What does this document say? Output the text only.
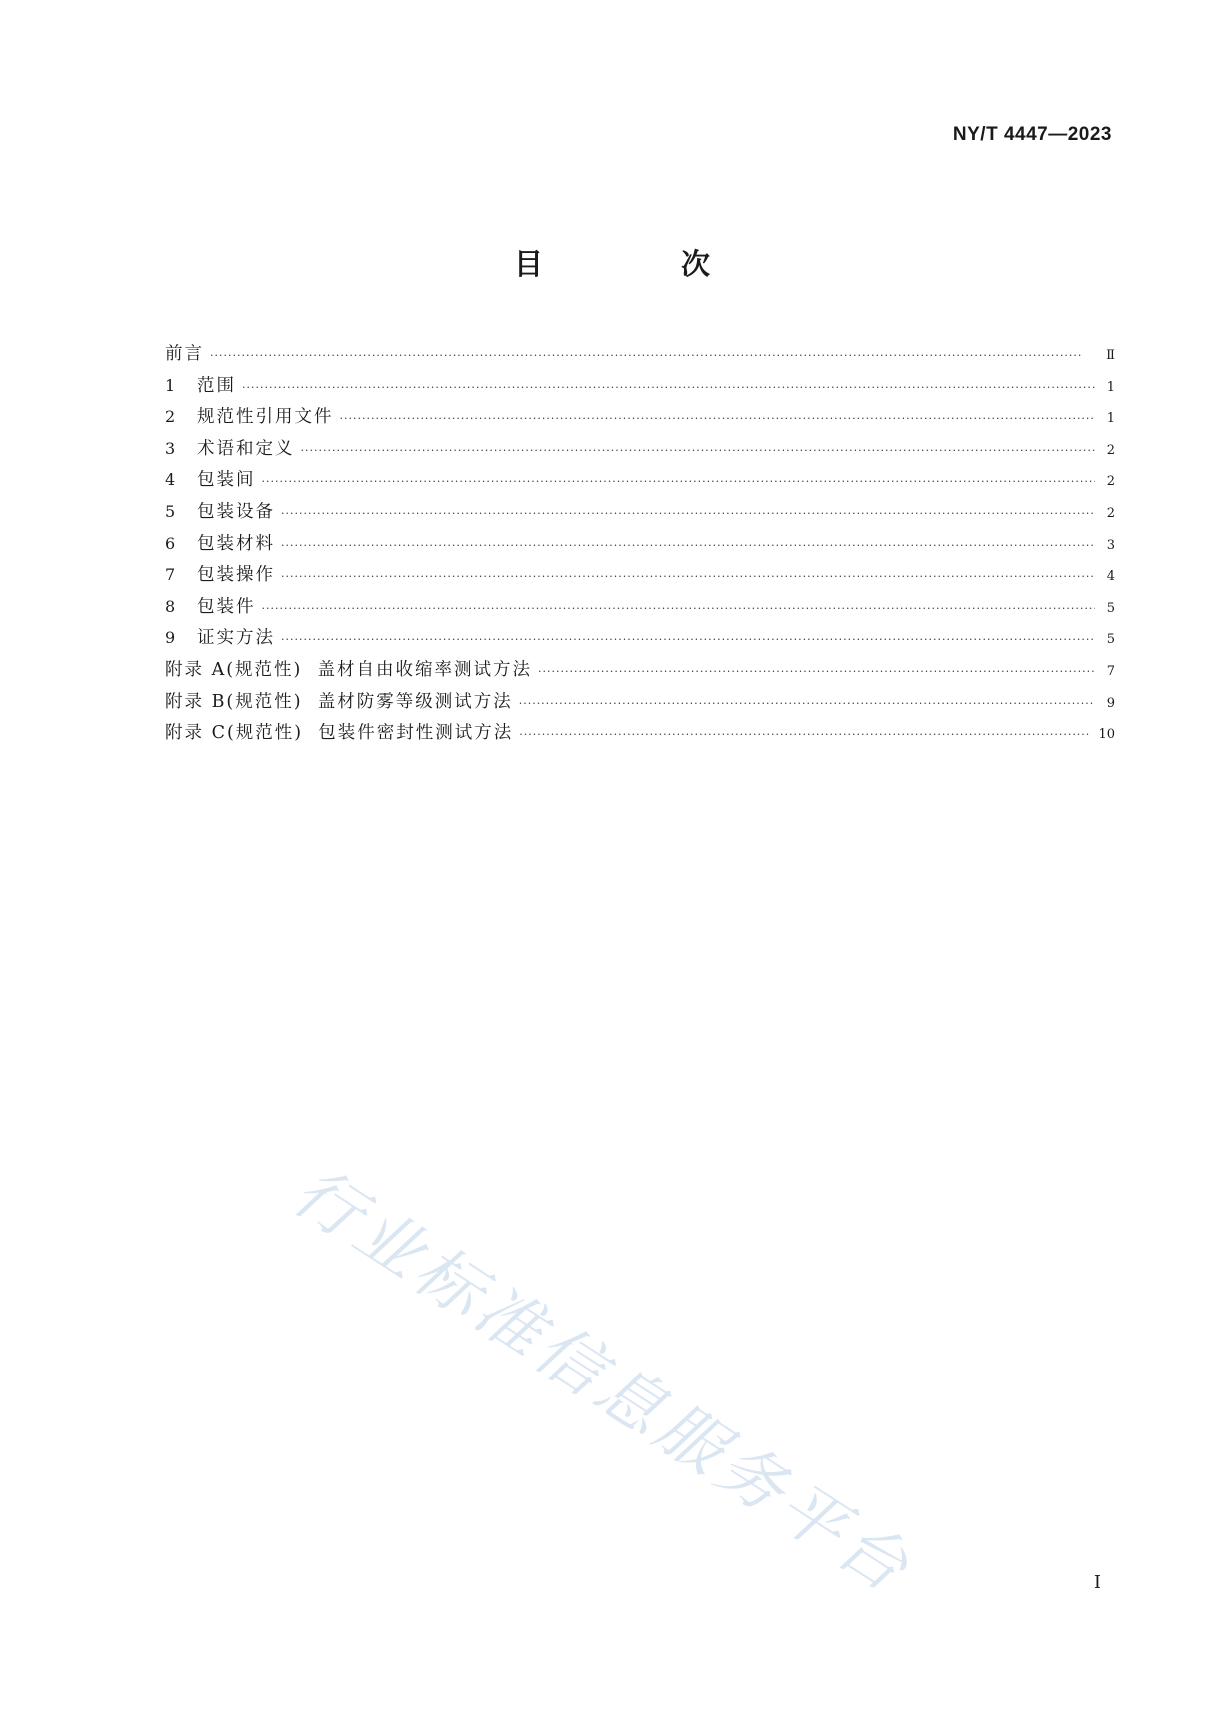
NY/T 4447—2023
目 次
前言 ·····	Ⅱ
1	范围 ·····	1
2	规范性引用文件 ·····	1
3	术语和定义 ·····	2
4	包装间 ·····	2
5	包装设备 ·····	2
6	包装材料 ·····	3
7	包装操作 ·····	4
8	包装件 ·····	5
9	证实方法 ·····	5
附录 A(规范性)  盖材自由收缩率测试方法 ·····	7
附录 B(规范性)  盖材防雾等级测试方法 ·····	9
附录 C(规范性)  包装件密封性测试方法 ·····	10
行业标准信息服务平台	Ⅰ
